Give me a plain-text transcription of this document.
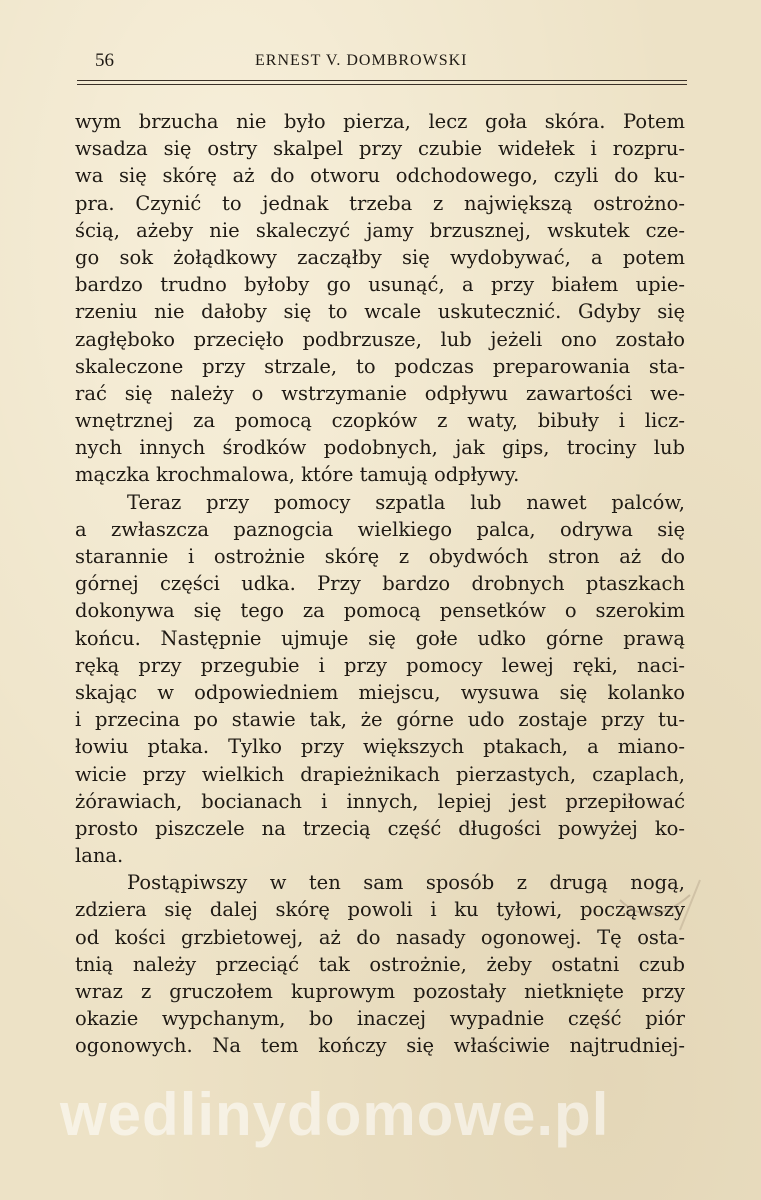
56	ERNEST V. DOMBROWSKI
wym brzucha nie było pierza, lecz goła skóra. Potem
wsadza się ostry skalpel przy czubie widełek i rozpru-
wa się skórę aż do otworu odchodowego, czyli do ku-
pra. Czynić to jednak trzeba z największą ostrożno-
ścią, ażeby nie skaleczyć jamy brzusznej, wskutek cze-
go sok żołądkowy zacząłby się wydobywać, a potem
bardzo trudno byłoby go usunąć, a przy białem upie-
rzeniu nie dałoby się to wcale uskutecznić. Gdyby się
zagłęboko przecięło podbrzusze, lub jeżeli ono zostało
skaleczone przy strzale, to podczas preparowania sta-
rać się należy o wstrzymanie odpływu zawartości we-
wnętrznej za pomocą czopków z waty, bibuły i licz-
nych innych środków podobnych, jak gips, trociny lub
mączka krochmalowa, które tamują odpływy.
Teraz przy pomocy szpatla lub nawet palców,
a zwłaszcza paznogcia wielkiego palca, odrywa się
starannie i ostrożnie skórę z obydwóch stron aż do
górnej części udka. Przy bardzo drobnych ptaszkach
dokonywa się tego za pomocą pensetków o szerokim
końcu. Następnie ujmuje się gołe udko górne prawą
ręką przy przegubie i przy pomocy lewej ręki, naci-
skając w odpowiedniem miejscu, wysuwa się kolanko
i przecina po stawie tak, że górne udo zostaje przy tu-
łowiu ptaka. Tylko przy większych ptakach, a miano-
wicie przy wielkich drapieżnikach pierzastych, czaplach,
żórawiach, bocianach i innych, lepiej jest przepiłować
prosto piszczele na trzecią część długości powyżej ko-
lana.
Postąpiwszy w ten sam sposób z drugą nogą,
zdziera się dalej skórę powoli i ku tyłowi, począwszy
od kości grzbietowej, aż do nasady ogonowej. Tę osta-
tnią należy przeciąć tak ostrożnie, żeby ostatni czub
wraz z gruczołem kuprowym pozostały nietknięte przy
okazie wypchanym, bo inaczej wypadnie część piór
ogonowych. Na tem kończy się właściwie najtrudniej-
wedlinydomowe.pl
